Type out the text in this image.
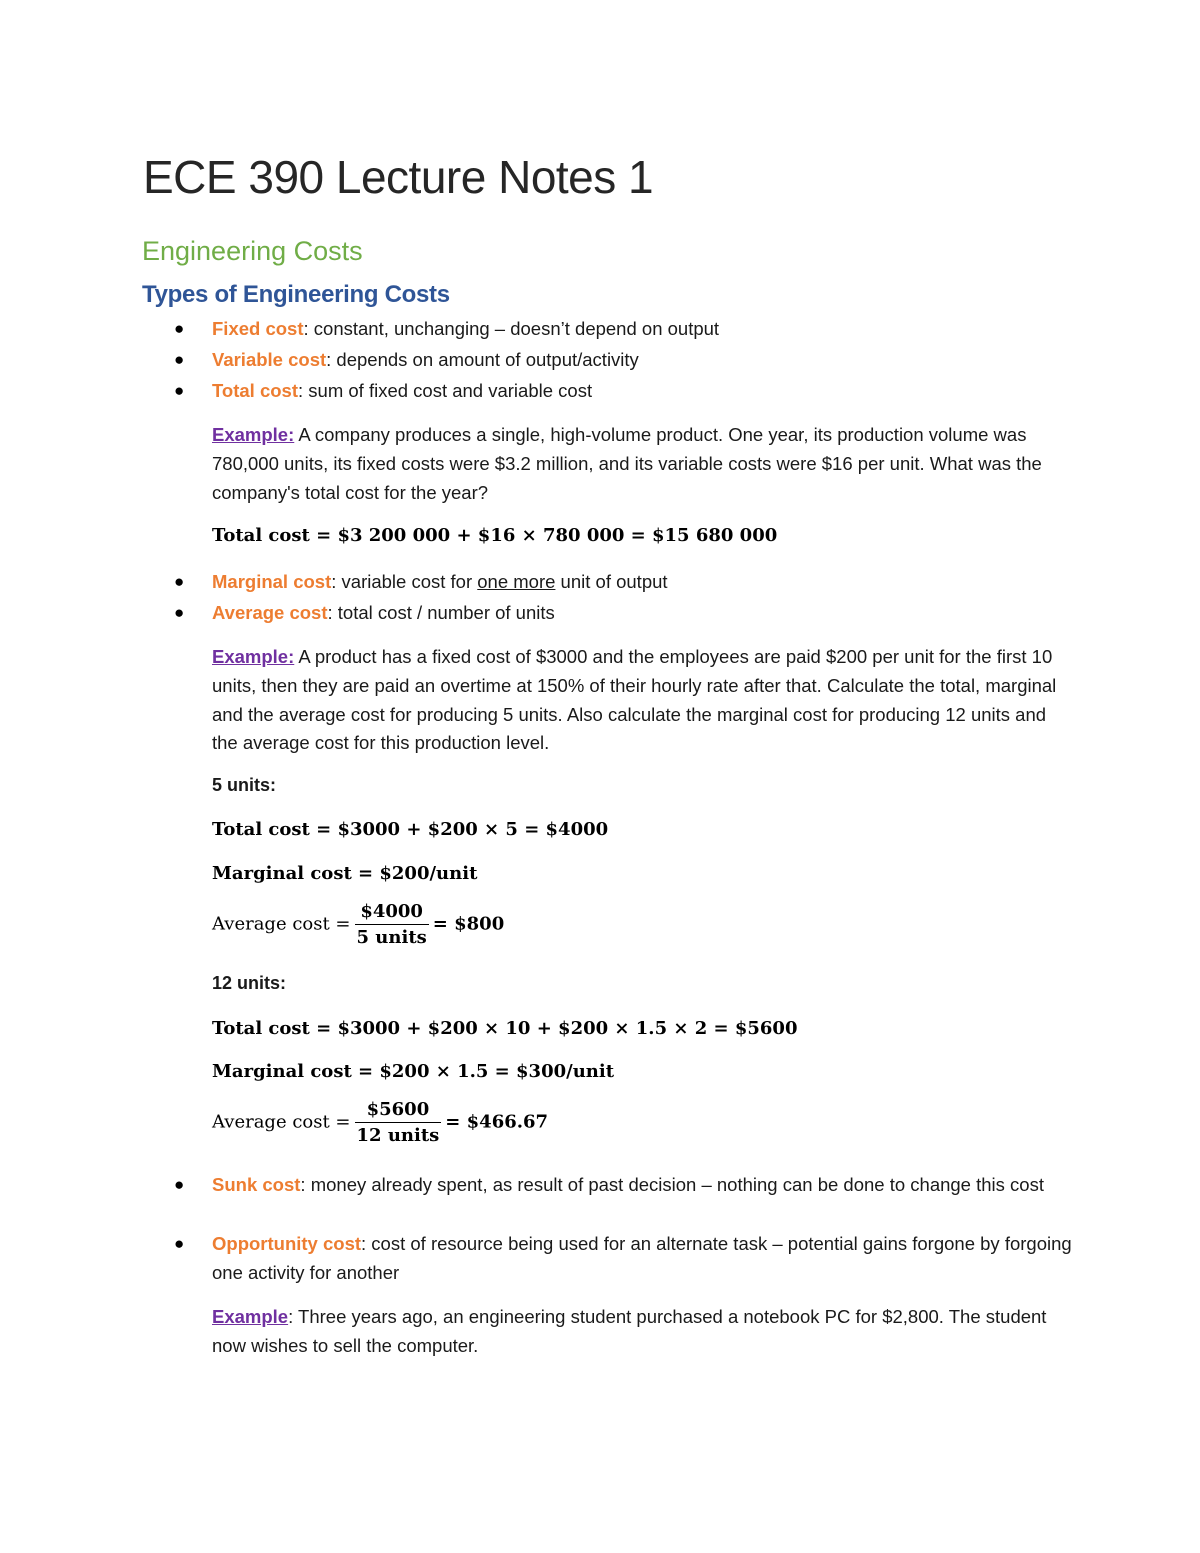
ECE 390 Lecture Notes 1
Engineering Costs
Types of Engineering Costs
● Fixed cost: constant, unchanging – doesn’t depend on output
● Variable cost: depends on amount of output/activity
● Total cost: sum of fixed cost and variable cost
Example: A company produces a single, high-volume product. One year, its production volume was 780,000 units, its fixed costs were $3.2 million, and its variable costs were $16 per unit. What was the company's total cost for the year?
Total cost = $3 200 000 + $16 × 780 000 = $15 680 000
● Marginal cost: variable cost for one more unit of output
● Average cost: total cost / number of units
Example: A product has a fixed cost of $3000 and the employees are paid $200 per unit for the first 10 units, then they are paid an overtime at 150% of their hourly rate after that. Calculate the total, marginal and the average cost for producing 5 units. Also calculate the marginal cost for producing 12 units and the average cost for this production level.
5 units:
Total cost = $3000 + $200 × 5 = $4000
Marginal cost = $200/unit
Average $\cos t = \frac{\$4000}{\text{5 units}}$ = $800
12 units:
Total cost = $3000 + $200 × 10 + $200 × 1.5 × 2 = $5600
Marginal cost = $200 × 1.5 = $300/unit
Average $\cos t = \frac{\$5600}{\text{12 units}}$ = $466.67
● Sunk cost: money already spent, as result of past decision – nothing can be done to change this cost
● Opportunity cost: cost of resource being used for an alternate task – potential gains forgone by forgoing one activity for another
Example: Three years ago, an engineering student purchased a notebook PC for $2,800. The student now wishes to sell the computer.
